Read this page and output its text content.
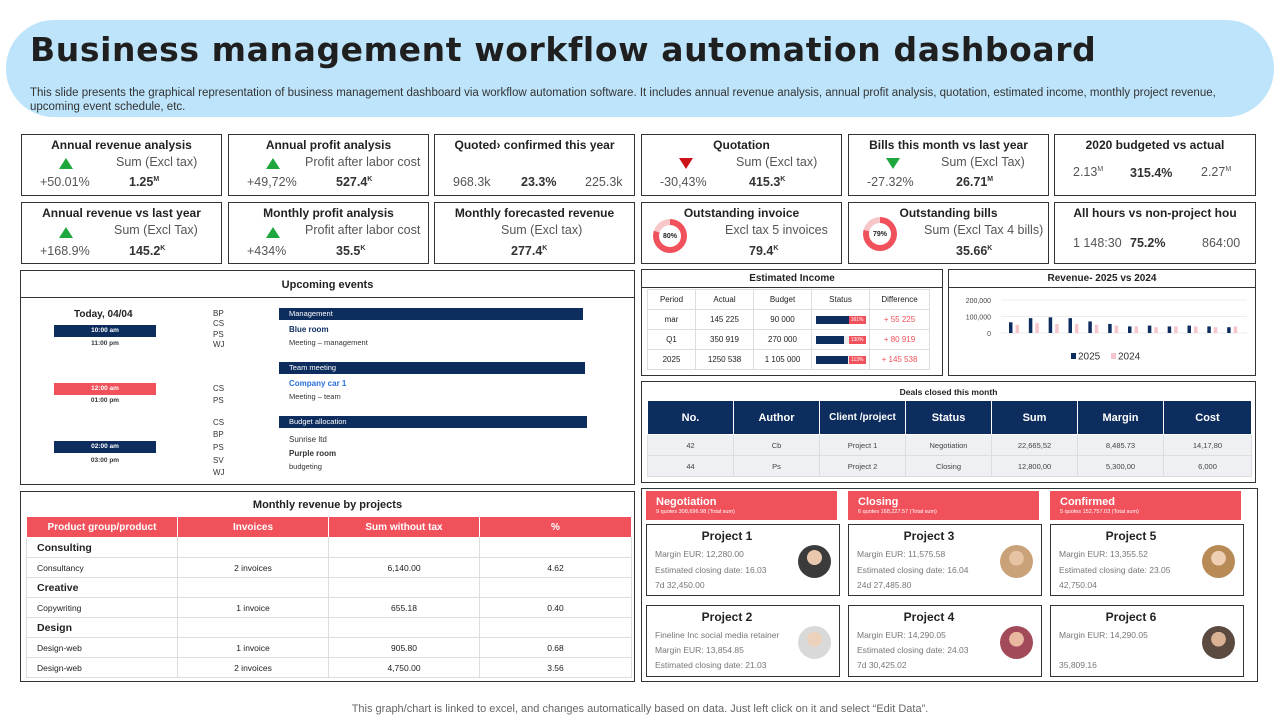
Business management workflow automation dashboard
This slide presents the graphical representation of business management dashboard via workflow automation software. It includes annual revenue analysis, annual profit analysis, quotation, estimated income, monthly project revenue, upcoming event schedule, etc.
Annual revenue analysis
Sum (Excl tax)
+50.01%	$1.25^M$
Annual profit analysis
Profit after labor cost
+49,72%	$527.4^K$
Quoted› confirmed this year
968.3k 23.3% 225.3k
Quotation
Sum (Excl tax)
-30,43%	$415.3^K$
Bills this month vs last year
Sum (Excl Tax)
-27.32%	$26.71^M$
2020 budgeted vs actual
$2.13^M$ 315.4% $2.27^M$
Annual revenue vs last year
Sum (Excl Tax)
+168.9%	$145.2^K$
Monthly profit analysis
Profit after labor cost
+434%	$35.5^K$
Monthly forecasted revenue
Sum (Excl tax)
$277.4^K$
Outstanding invoice
80%	Excl tax 5 invoices
$79.4^K$
Outstanding bills
79%	Sum (Excl Tax 4 bills)
$35.66^K$
All hours vs non-project hou
1 148:30 75.2%	864:00
Upcoming events
Today, 04/04
10:00 am
11:00 pm
12:00 am
01:00 pm
02:00 am
03:00 pm
BP
CS
PS
WJ
CS
PS
CS
BP
PS
SV
WJ
Management
Blue room
Meeting – management
Team meeting
Company car 1
Meeting – team
Budget allocation
Sunrise ltd
Purple room
budgeting
Estimated Income
Period	Actual	Budget	Status	Difference
mar	145 225	90 000	161%	+ 55 225
Q1	350 919	270 000	130%	+ 80 919
2025	1250 538	1 105 000	113%	+ 145 538
Revenue- 2025 vs 2024
200,000
100,000
0
2025 2024
Deals closed this month
No.	Author	Client /project	Status	Sum	Margin	Cost
42	Cb	Project 1	Negotiation	22,665,52	8,485.73	14,17,80
44	Ps	Project 2	Closing	12,800,00	5,300,00	6,000
Monthly revenue by projects
Product group/product	Invoices	Sum without tax	%
Consulting			
Consultancy	2 invoices	6,140.00	4.62
Creative			
Copywriting	1 invoice	655.18	0.40
Design			
Design-web	1 invoice	905.80	0.68
Design-web	2 invoices	4,750.00	3.56
Negotiation
9 quotes 308,696.98 (Total sum)
Closing
6 quotes 168,227.57 (Total sum)
Confirmed
5 quotes 152,757.03 (Total sum)
Project 1
Margin EUR: 12,280.00
Estimated closing date: 16.03
7d 32,450.00
Project 2
Fineline Inc social media retainer
Margin EUR: 13,854.85
Estimated closing date: 21.03
Project 3
Margin EUR: 11,575.58
Estimated closing date: 16.04
24d 27,485.80
Project 4
Margin EUR: 14,290.05
Estimated closing date: 24.03
7d 30,425.02
Project 5
Margin EUR: 13,355.52
Estimated closing date: 23.05
42,750.04
Project 6
Margin EUR: 14,290.05
35,809.16
This graph/chart is linked to excel, and changes automatically based on data. Just left click on it and select “Edit Data”.
